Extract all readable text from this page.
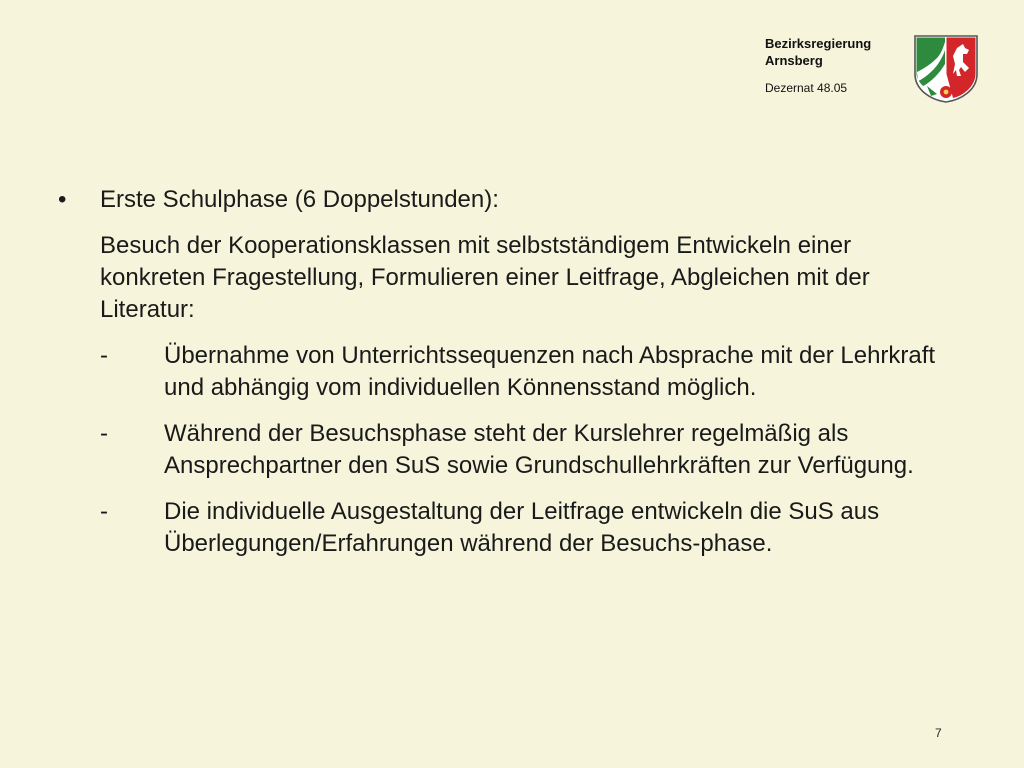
Bezirksregierung
Arnsberg
Dezernat 48.05
•	Erste Schulphase (6 Doppelstunden):
Besuch der Kooperationsklassen mit selbstständigem Entwickeln einer konkreten Fragestellung, Formulieren einer Leitfrage, Abgleichen mit der Literatur:
- Übernahme von Unterrichtssequenzen nach Absprache mit der Lehrkraft und abhängig vom individuellen Könnensstand möglich.
- Während der Besuchsphase steht der Kurslehrer regelmäßig als Ansprechpartner den SuS sowie Grundschullehrkräften zur Verfügung.
- Die individuelle Ausgestaltung der Leitfrage entwickeln die SuS aus Überlegungen/Erfahrungen während der Besuchs-phase.
7
